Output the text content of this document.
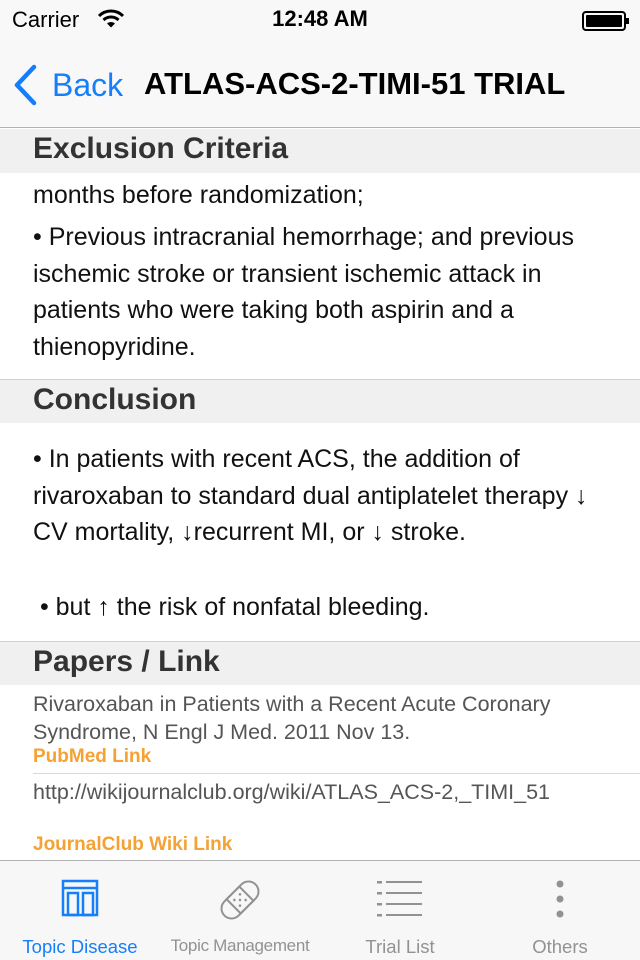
Carrier	12:48 AM
Back ATLAS-ACS-2-TIMI-51 TRIAL

months before randomization;
• Previous intracranial hemorrhage; and previous ischemic stroke or transient ischemic attack in patients who were taking both aspirin and a thienopyridine.
Exclusion Criteria
Conclusion
• In patients with recent ACS, the addition of rivaroxaban to standard dual antiplatelet therapy ↓ CV mortality, ↓recurrent MI, or ↓ stroke.
• but ↑ the risk of nonfatal bleeding.
Papers / Link
Rivaroxaban in Patients with a Recent Acute Coronary Syndrome, N Engl J Med. 2011 Nov 13.
PubMed Link
http://wikijournalclub.org/wiki/ATLAS_ACS-2,_TIMI_51
JournalClub Wiki Link
Topic Disease	Topic Management	Trial List	Others
